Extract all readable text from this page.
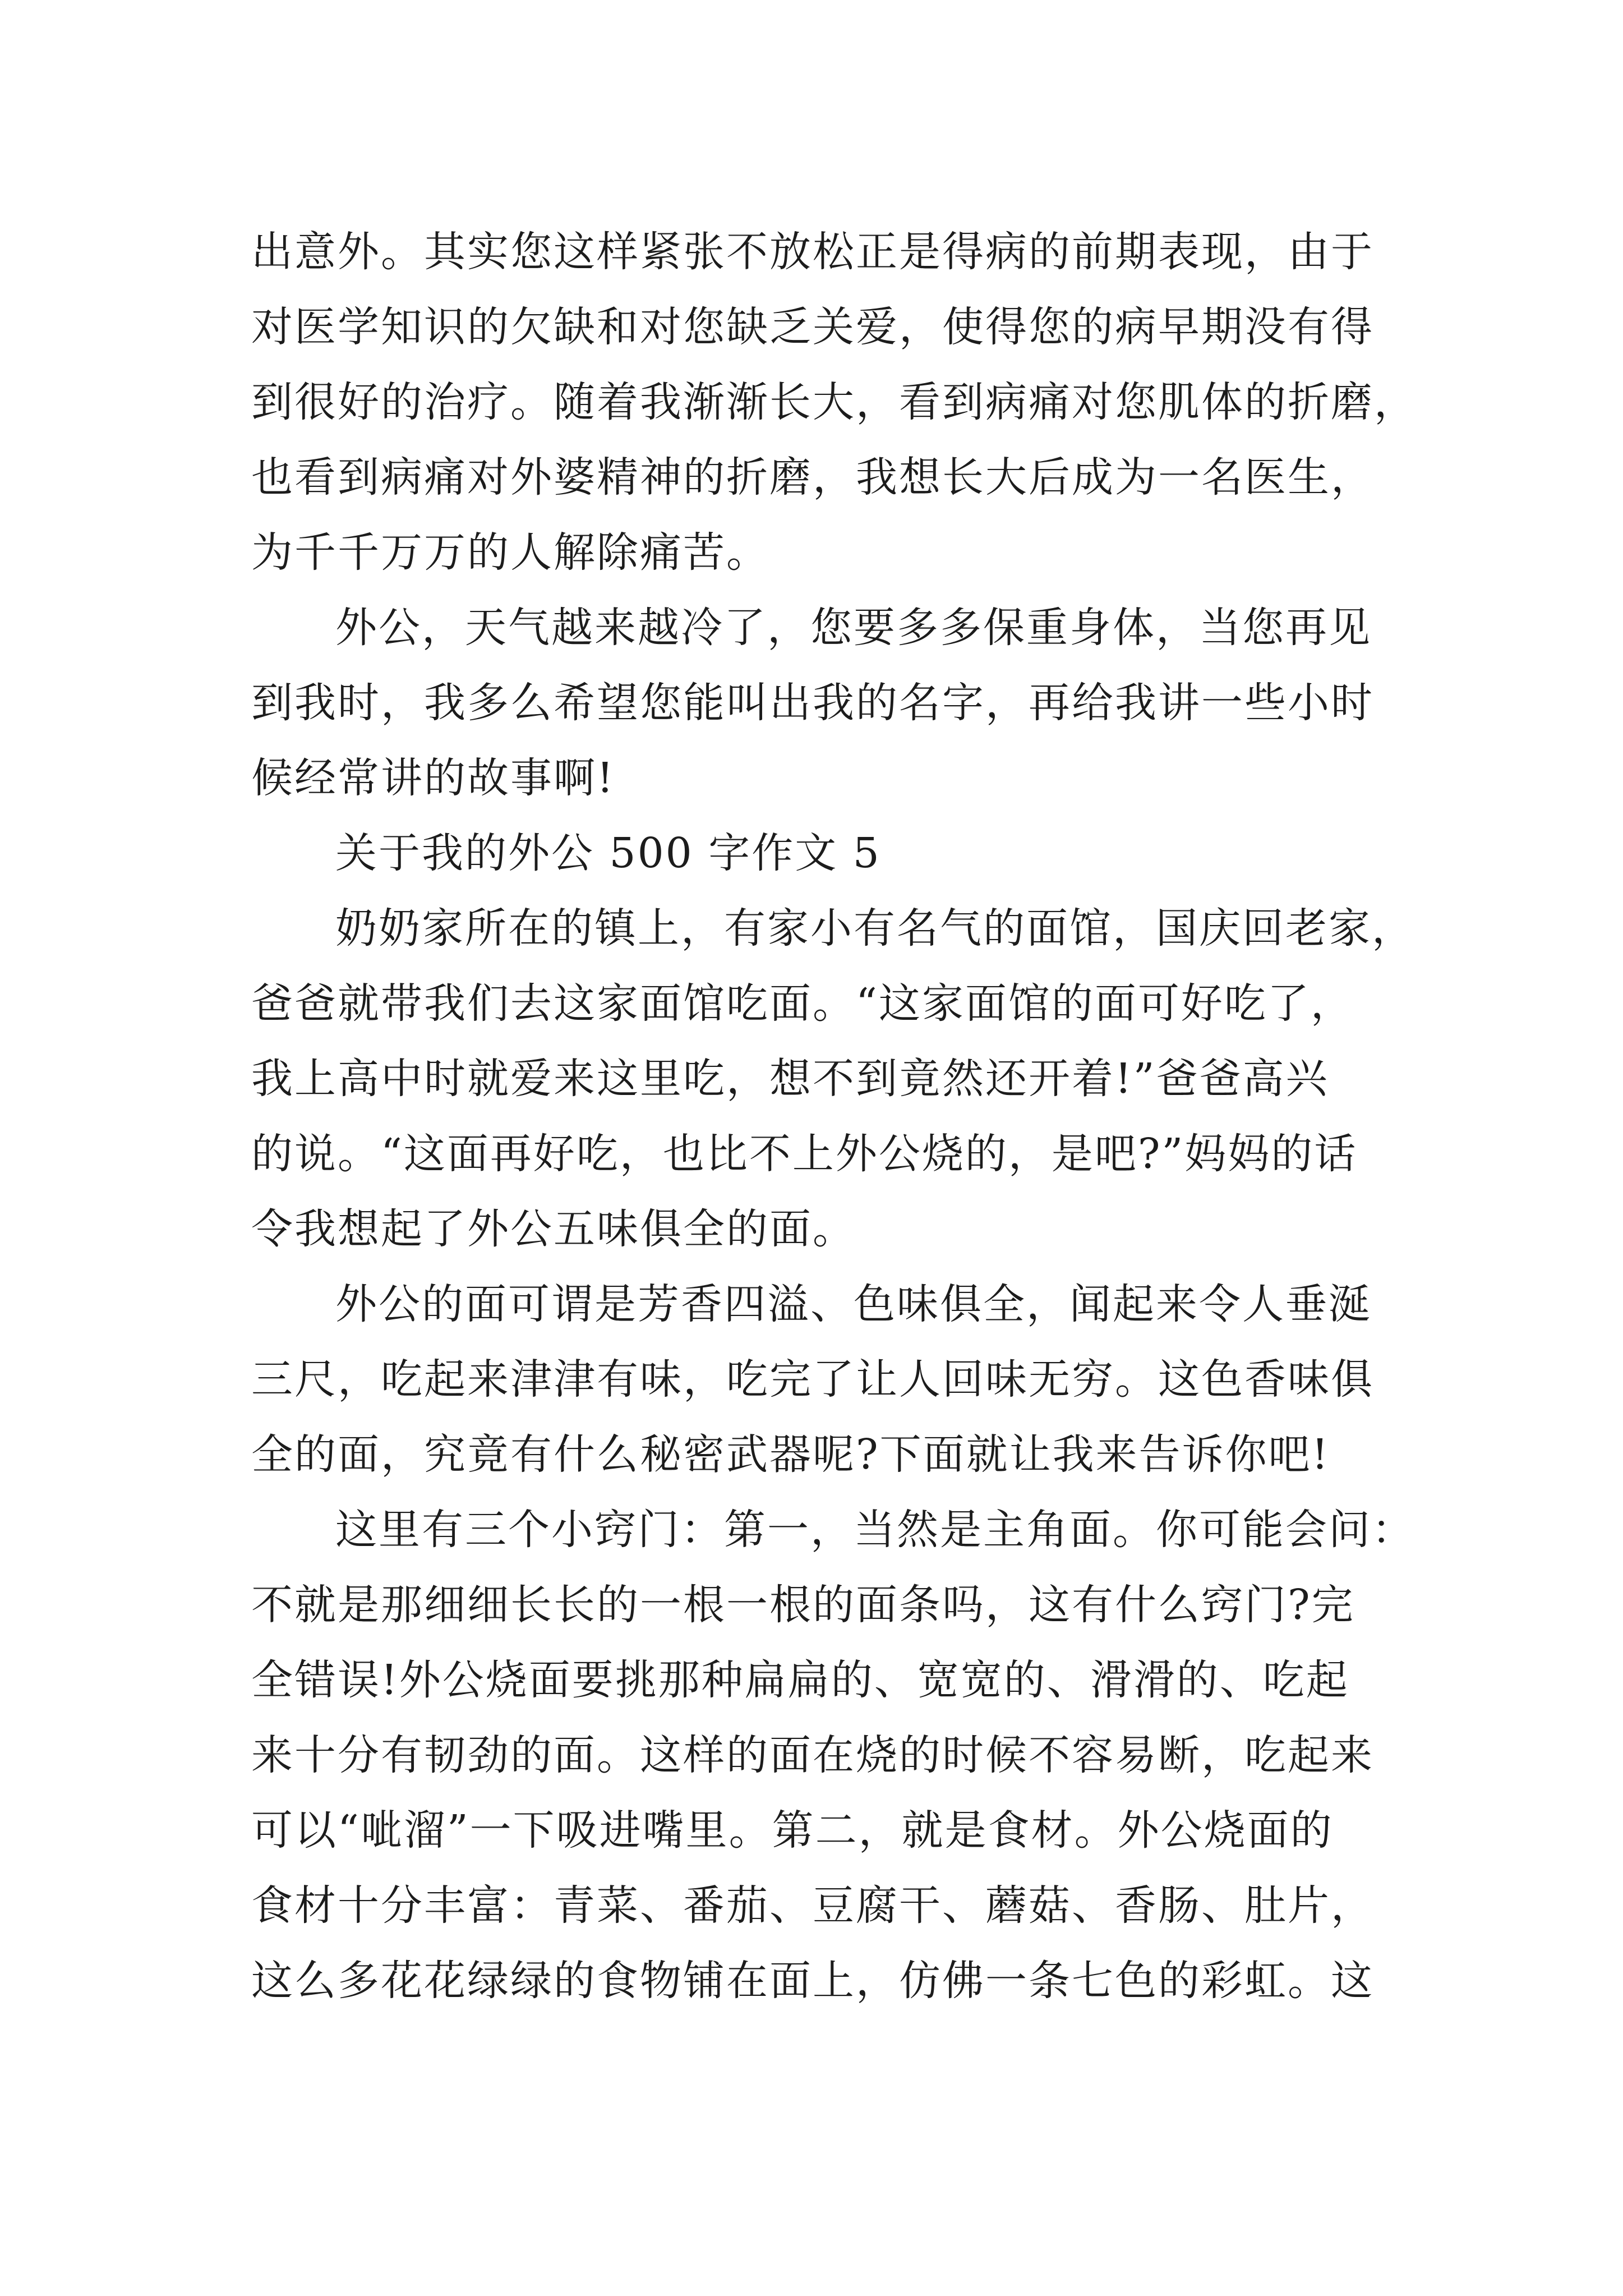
出意外。其实您这样紧张不放松正是得病的前期表现，由于
对医学知识的欠缺和对您缺乏关爱，使得您的病早期没有得
到很好的治疗。随着我渐渐长大，看到病痛对您肌体的折磨，
也看到病痛对外婆精神的折磨，我想长大后成为一名医生，
为千千万万的人解除痛苦。
外公，天气越来越冷了，您要多多保重身体，当您再见
到我时，我多么希望您能叫出我的名字，再给我讲一些小时
候经常讲的故事啊!
关于我的外公 500 字作文 5
奶奶家所在的镇上，有家小有名气的面馆，国庆回老家，
爸爸就带我们去这家面馆吃面。“这家面馆的面可好吃了，
我上高中时就爱来这里吃，想不到竟然还开着!”爸爸高兴
的说。“这面再好吃，也比不上外公烧的，是吧?”妈妈的话
令我想起了外公五味俱全的面。
外公的面可谓是芳香四溢、色味俱全，闻起来令人垂涎
三尺，吃起来津津有味，吃完了让人回味无穷。这色香味俱
全的面，究竟有什么秘密武器呢?下面就让我来告诉你吧!
这里有三个小窍门：第一，当然是主角面。你可能会问：
不就是那细细长长的一根一根的面条吗，这有什么窍门?完
全错误!外公烧面要挑那种扁扁的、宽宽的、滑滑的、吃起
来十分有韧劲的面。这样的面在烧的时候不容易断，吃起来
可以“呲溜”一下吸进嘴里。第二，就是食材。外公烧面的
食材十分丰富：青菜、番茄、豆腐干、蘑菇、香肠、肚片，
这么多花花绿绿的食物铺在面上，仿佛一条七色的彩虹。这
